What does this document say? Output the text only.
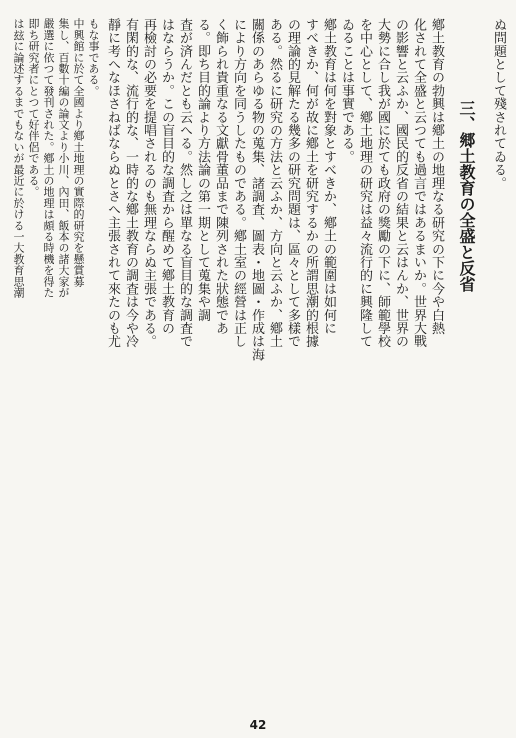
ぬ問題として殘されてゐる。
三、郷土教育の全盛と反省
鄕土教育の勃興は鄕土の地理なる研究の下に今や白熱
化されて全盛と云つても過言ではあるまいか。世界大戰
の影響と云ふか、國民的反省の結果と云はんか、世界の
大勢に合し我が國に於ても政府の獎勵の下に、師範學校
を中心として、鄕土地理の研究は益々流行的に興隆して
ゐることは事實である。
鄕土教育は何を對象とすべきか、鄕土の範圍は如何に
すべきか、何が故に鄕土を研究するかの所謂思潮的根據
の理論的見解たる幾多の研究問題は、區々として多樣で
ある。然るに研究の方法と云ふか、方向と云ふか、鄕土
關係のあらゆる物の蒐集、諸調査、圖表・地圖・作成は海
により方向を同うしたものである。鄕土室の經營は正し
く飾られ貴重なる文獻骨董品まで陳列された狀態であ
る。即ち目的論より方法論の第一期として蒐集や調
査が済んだとも云へる。然し之は單なる盲目的な調査で
はならうか。この盲目的な調査から醒めて鄕土教育の
再檢討の必要を提唱されるのも無理ならぬ主張である。
有閑的な、流行的な、一時的な鄕土教育の調査は今や冷
靜に考へなほさねばならぬとさへ主張されて來たのも尤
もな事である。
中興館に於て全國より鄕土地理の實際的研究を懸賞募
集し、百數十編の論文より小川、內田、飯本の諸大家が
嚴選に依つて發刊された。鄕土の地理は頗る時機を得た
即ち研究者にとつて好伴侶である。
は玆に論述するまでもないが最近に於ける一大教育思潮
42
